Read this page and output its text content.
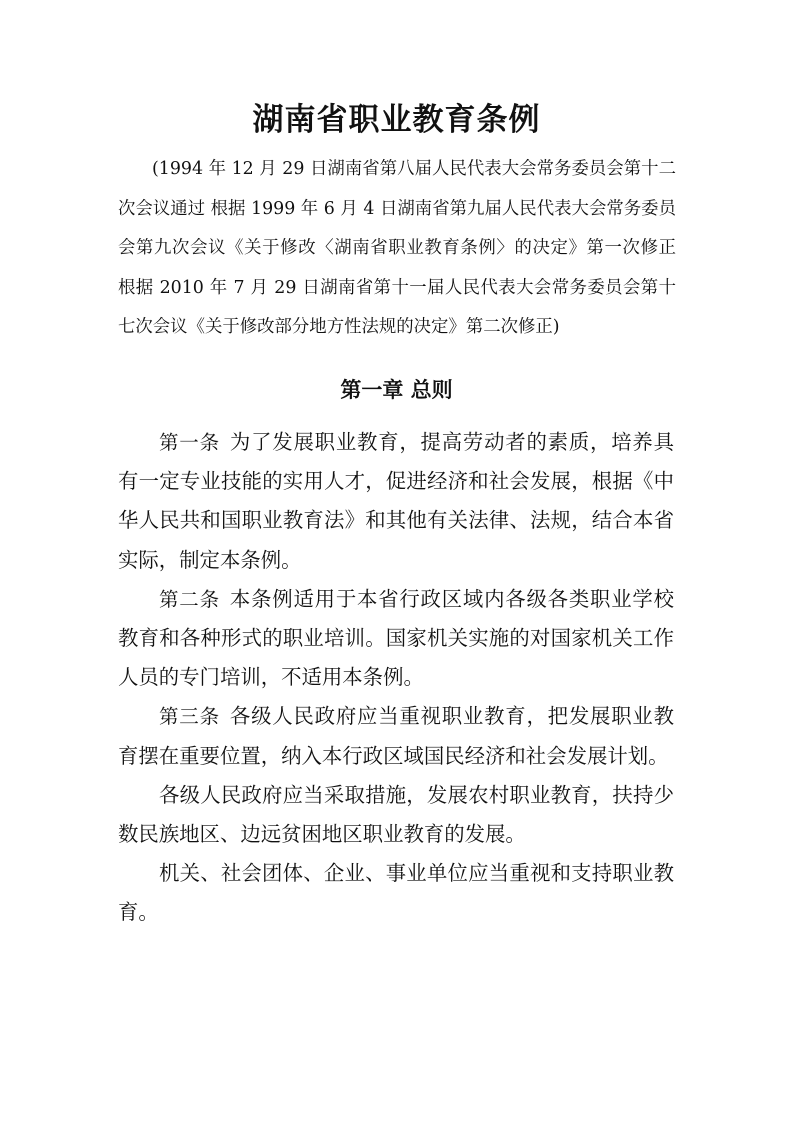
湖南省职业教育条例

(1994 年 12 月 29 日湖南省第八届人民代表大会常务委员会第十二次会议通过 根据 1999 年 6 月 4 日湖南省第九届人民代表大会常务委员会第九次会议《关于修改〈湖南省职业教育条例〉的决定》第一次修正 根据 2010 年 7 月 29 日湖南省第十一届人民代表大会常务委员会第十七次会议《关于修改部分地方性法规的决定》第二次修正)

第一章 总则

第一条 为了发展职业教育，提高劳动者的素质，培养具有一定专业技能的实用人才，促进经济和社会发展，根据《中华人民共和国职业教育法》和其他有关法律、法规，结合本省实际，制定本条例。

第二条 本条例适用于本省行政区域内各级各类职业学校教育和各种形式的职业培训。国家机关实施的对国家机关工作人员的专门培训，不适用本条例。

第三条 各级人民政府应当重视职业教育，把发展职业教育摆在重要位置，纳入本行政区域国民经济和社会发展计划。

各级人民政府应当采取措施，发展农村职业教育，扶持少数民族地区、边远贫困地区职业教育的发展。

机关、社会团体、企业、事业单位应当重视和支持职业教育。
